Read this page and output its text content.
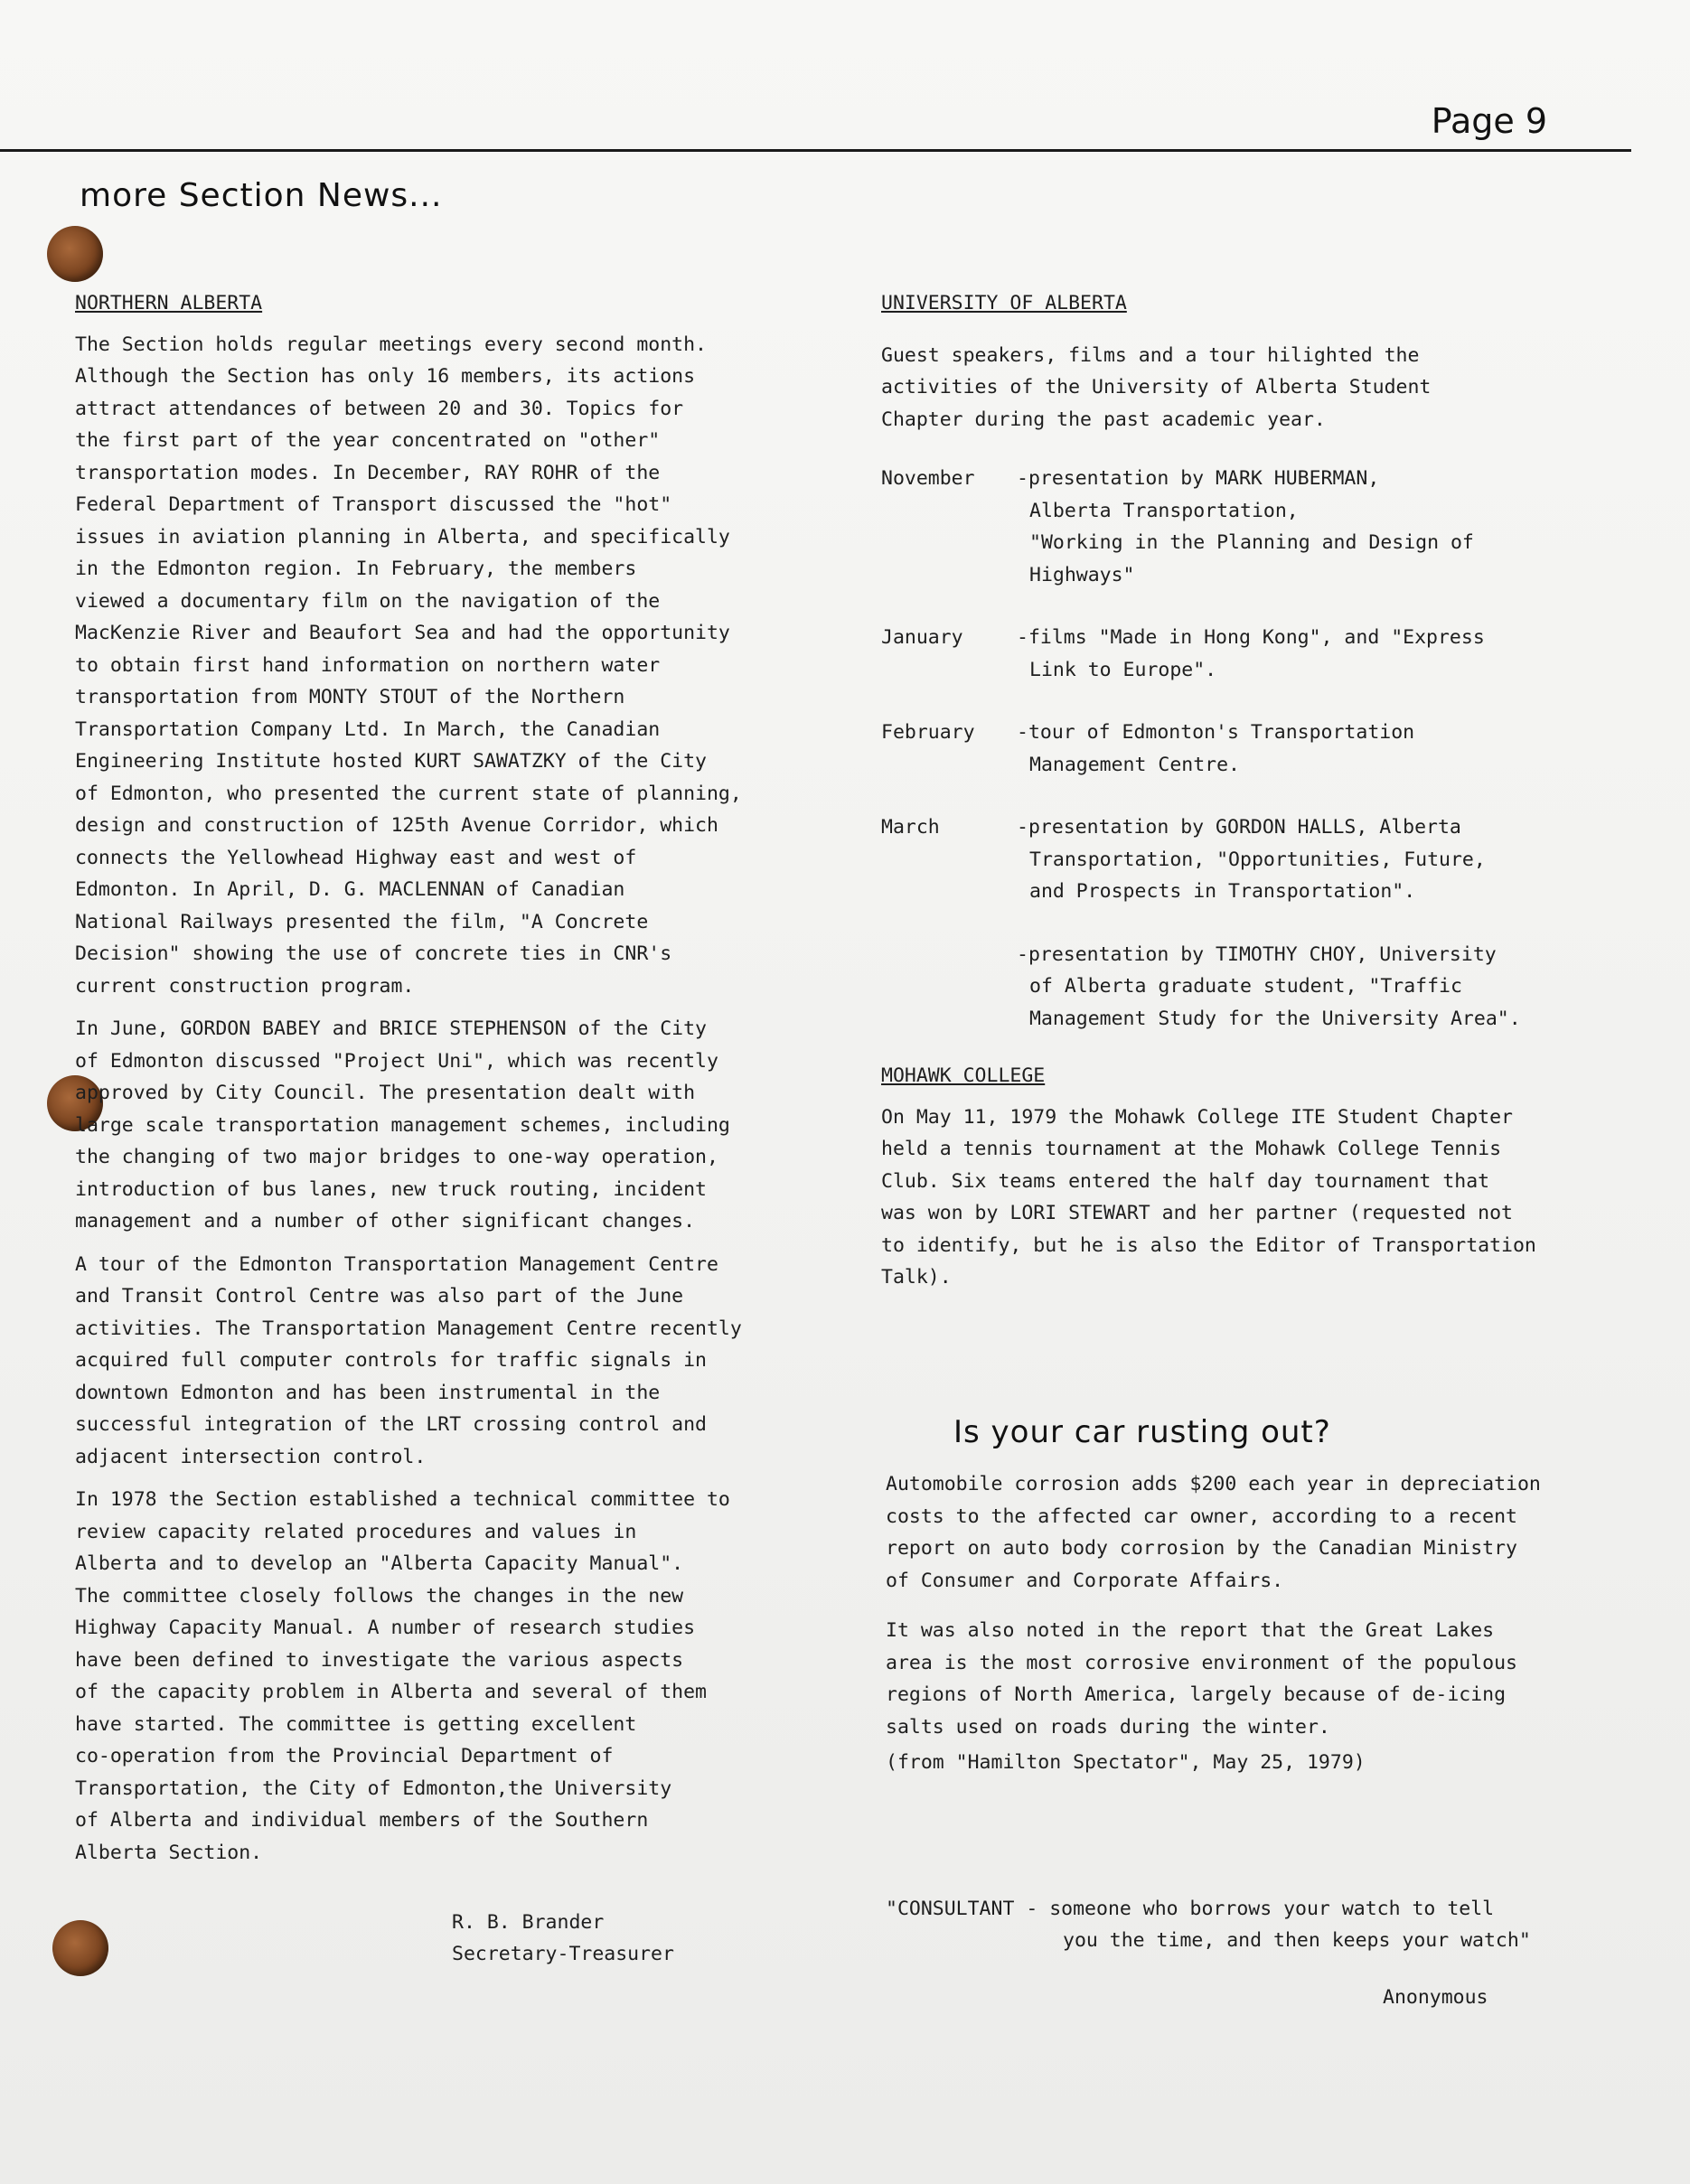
Page 9
more Section News...
NORTHERN ALBERTA

The Section holds regular meetings every second month.
Although the Section has only 16 members, its actions
attract attendances of between 20 and 30. Topics for
the first part of the year concentrated on "other"
transportation modes. In December, RAY ROHR of the
Federal Department of Transport discussed the "hot"
issues in aviation planning in Alberta, and specifically
in the Edmonton region. In February, the members
viewed a documentary film on the navigation of the
MacKenzie River and Beaufort Sea and had the opportunity
to obtain first hand information on northern water
transportation from MONTY STOUT of the Northern
Transportation Company Ltd. In March, the Canadian
Engineering Institute hosted KURT SAWATZKY of the City
of Edmonton, who presented the current state of planning,
design and construction of 125th Avenue Corridor, which
connects the Yellowhead Highway east and west of
Edmonton. In April, D. G. MACLENNAN of Canadian
National Railways presented the film, "A Concrete
Decision" showing the use of concrete ties in CNR's
current construction program.

In June, GORDON BABEY and BRICE STEPHENSON of the City
of Edmonton discussed "Project Uni", which was recently
approved by City Council. The presentation dealt with
large scale transportation management schemes, including
the changing of two major bridges to one-way operation,
introduction of bus lanes, new truck routing, incident
management and a number of other significant changes.

A tour of the Edmonton Transportation Management Centre
and Transit Control Centre was also part of the June
activities. The Transportation Management Centre recently
acquired full computer controls for traffic signals in
downtown Edmonton and has been instrumental in the
successful integration of the LRT crossing control and
adjacent intersection control.

In 1978 the Section established a technical committee to
review capacity related procedures and values in
Alberta and to develop an "Alberta Capacity Manual".
The committee closely follows the changes in the new
Highway Capacity Manual. A number of research studies
have been defined to investigate the various aspects
of the capacity problem in Alberta and several of them
have started. The committee is getting excellent
co-operation from the Provincial Department of
Transportation, the City of Edmonton,the University
of Alberta and individual members of the Southern
Alberta Section.

R. B. Brander
Secretary-Treasurer
UNIVERSITY OF ALBERTA

Guest speakers, films and a tour hilighted the
activities of the University of Alberta Student
Chapter during the past academic year.

November	-presentation by MARK HUBERMAN,
Alberta Transportation,
"Working in the Planning and Design of
Highways"
January	-films "Made in Hong Kong", and "Express
Link to Europe".
February	-tour of Edmonton's Transportation
Management Centre.
March	-presentation by GORDON HALLS, Alberta
Transportation, "Opportunities, Future,
and Prospects in Transportation".
-presentation by TIMOTHY CHOY, University
of Alberta graduate student, "Traffic
Management Study for the University Area".
MOHAWK COLLEGE

On May 11, 1979 the Mohawk College ITE Student Chapter
held a tennis tournament at the Mohawk College Tennis
Club. Six teams entered the half day tournament that
was won by LORI STEWART and her partner (requested not
to identify, but he is also the Editor of Transportation
Talk).

Is your car rusting out?

Automobile corrosion adds $200 each year in depreciation
costs to the affected car owner, according to a recent
report on auto body corrosion by the Canadian Ministry
of Consumer and Corporate Affairs.

It was also noted in the report that the Great Lakes
area is the most corrosive environment of the populous
regions of North America, largely because of de-icing
salts used on roads during the winter.

(from "Hamilton Spectator", May 25, 1979)
"CONSULTANT - someone who borrows your watch to tell
you the time, and then keeps your watch"
Anonymous
